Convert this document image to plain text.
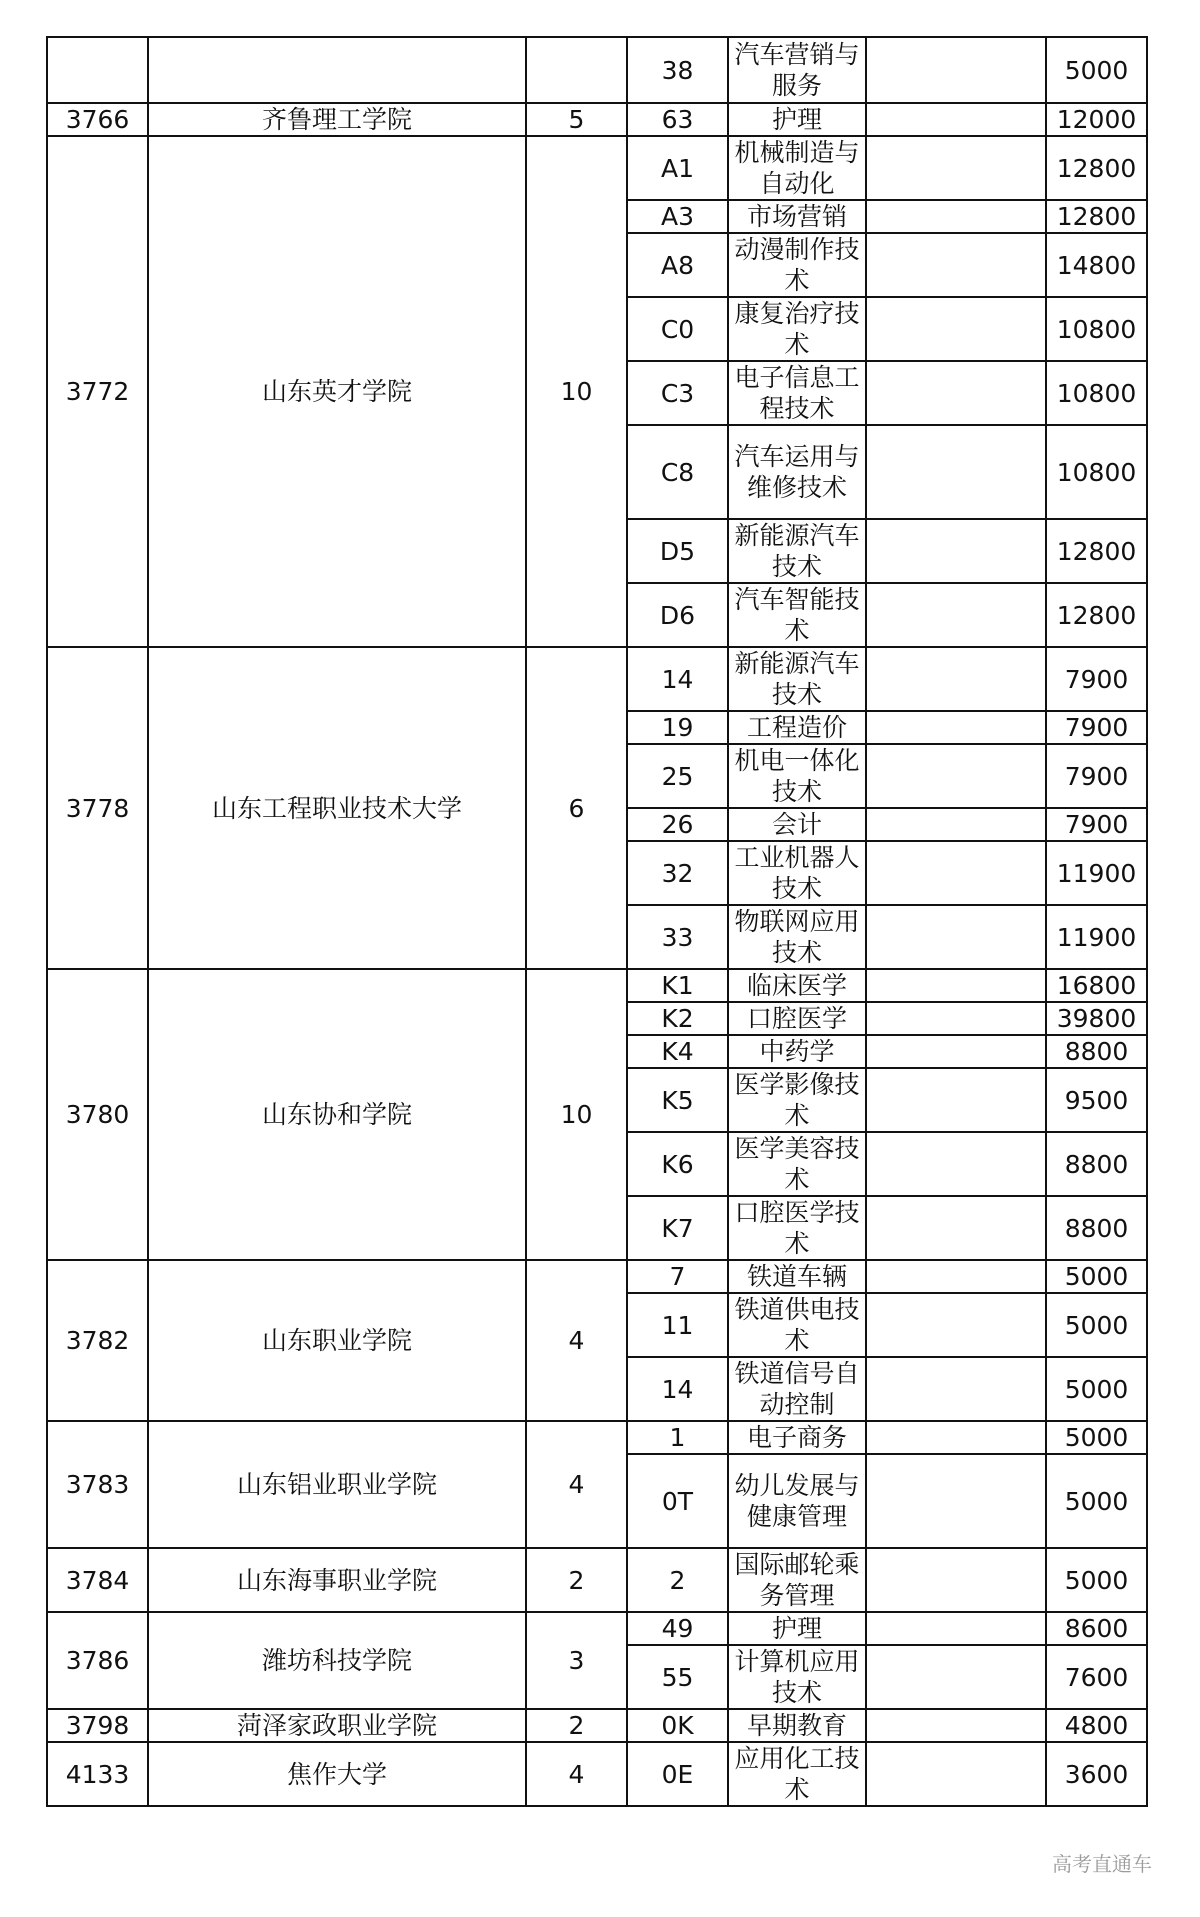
			38	汽车营销与服务		5000
3766	齐鲁理工学院	5	63	护理		12000
3772	山东英才学院	10	A1	机械制造与自动化		12800
			A3	市场营销		12800
			A8	动漫制作技术		14800
			C0	康复治疗技术		10800
			C3	电子信息工程技术		10800
			C8	汽车运用与维修技术		10800
			D5	新能源汽车技术		12800
			D6	汽车智能技术		12800
3778	山东工程职业技术大学	6	14	新能源汽车技术		7900
			19	工程造价		7900
			25	机电一体化技术		7900
			26	会计		7900
			32	工业机器人技术		11900
			33	物联网应用技术		11900
3780	山东协和学院	10	K1	临床医学		16800
			K2	口腔医学		39800
			K4	中药学		8800
			K5	医学影像技术		9500
			K6	医学美容技术		8800
			K7	口腔医学技术		8800
3782	山东职业学院	4	7	铁道车辆		5000
			11	铁道供电技术		5000
			14	铁道信号自动控制		5000
3783	山东铝业职业学院	4	1	电子商务		5000
			0T	幼儿发展与健康管理		5000
3784	山东海事职业学院	2	2	国际邮轮乘务管理		5000
3786	潍坊科技学院	3	49	护理		8600
			55	计算机应用技术		7600
3798	菏泽家政职业学院	2	0K	早期教育		4800
4133	焦作大学	4	0E	应用化工技术		3600
高考直通车
